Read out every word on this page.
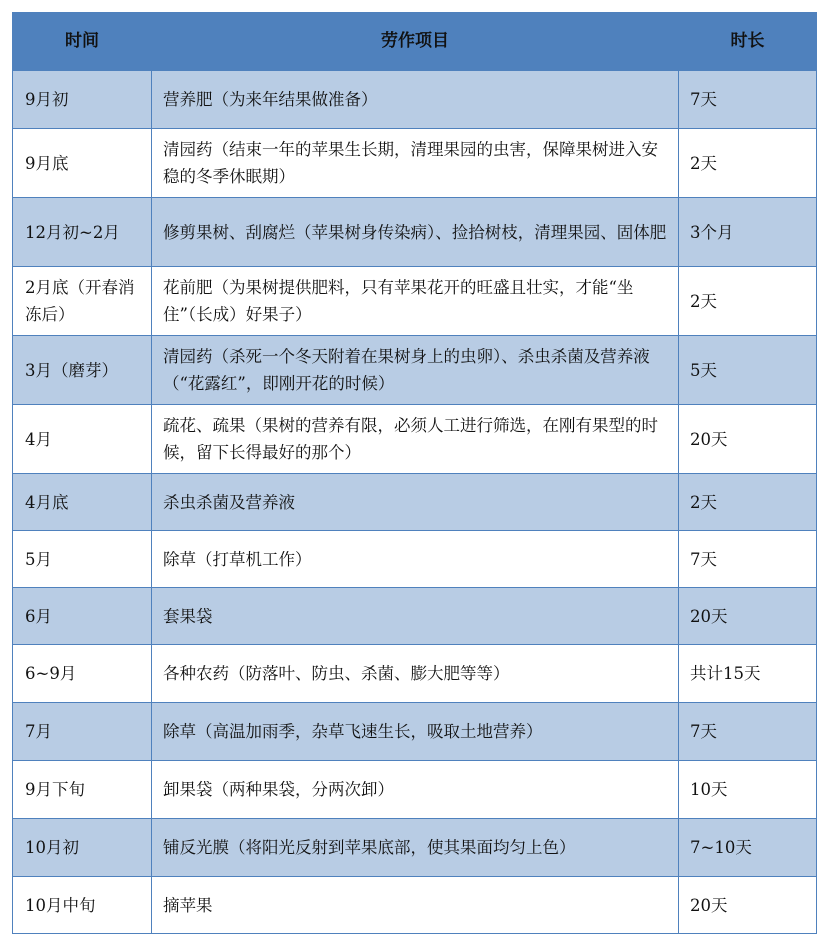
时间	劳作项目	时长
9月初	营养肥（为来年结果做准备）	7天
9月底	清园药（结束一年的苹果生长期，清理果园的虫害，保障果树进入安稳的冬季休眠期）	2天
12月初~2月	修剪果树、刮腐烂（苹果树身传染病）、捡拾树枝，清理果园、固体肥	3个月
2月底（开春消冻后）	花前肥（为果树提供肥料，只有苹果花开的旺盛且壮实，才能“坐住”（长成）好果子）	2天
3月（磨芽）	清园药（杀死一个冬天附着在果树身上的虫卵）、杀虫杀菌及营养液（“花露红”，即刚开花的时候）	5天
4月	疏花、疏果（果树的营养有限，必须人工进行筛选，在刚有果型的时候，留下长得最好的那个）	20天
4月底	杀虫杀菌及营养液	2天
5月	除草（打草机工作）	7天
6月	套果袋	20天
6~9月	各种农药（防落叶、防虫、杀菌、膨大肥等等）	共计15天
7月	除草（高温加雨季，杂草飞速生长，吸取土地营养）	7天
9月下旬	卸果袋（两种果袋，分两次卸）	10天
10月初	铺反光膜（将阳光反射到苹果底部，使其果面均匀上色）	7~10天
10月中旬	摘苹果	20天
